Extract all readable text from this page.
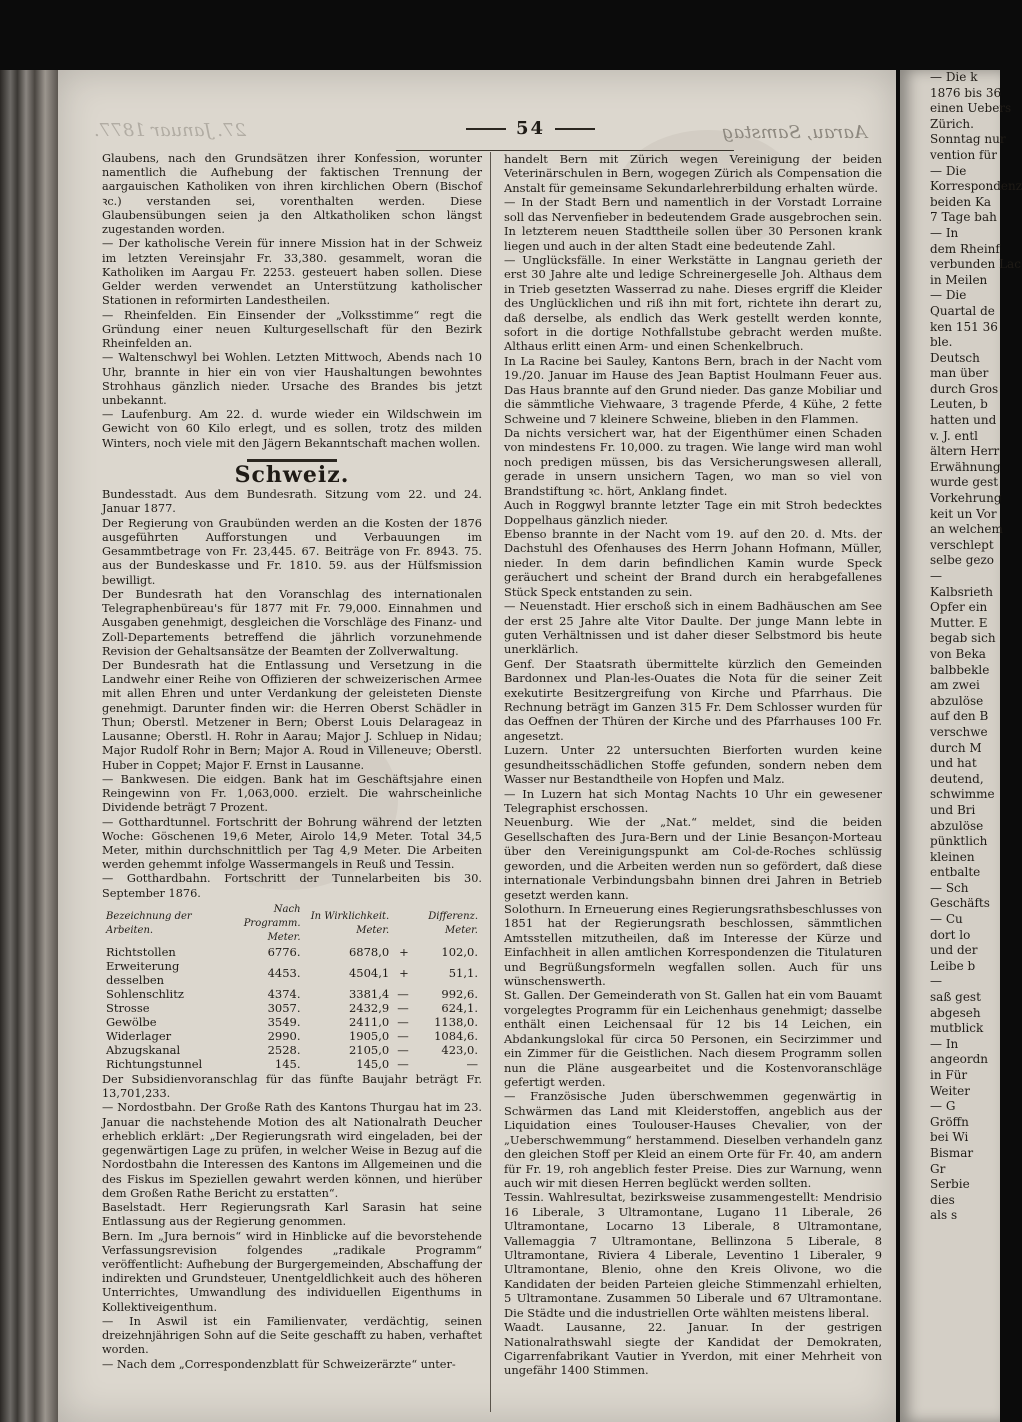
27. Januar 1877.	54	Aarau, Samstag

Glaubens, nach den Grundsätzen ihrer Konfession, worunter namentlich die Aufhebung der faktischen Trennung der aargauischen Katholiken von ihren kirchlichen Obern (Bischof ꝛc.) verstanden sei, vorenthalten werden. Diese Glaubensübungen seien ja den Altkatholiken schon längst zugestanden worden.

— Der katholische Verein für innere Mission hat in der Schweiz im letzten Vereinsjahr Fr. 33,380. gesammelt, woran die Katholiken im Aargau Fr. 2253. gesteuert haben sollen. Diese Gelder werden verwendet an Unterstützung katholischer Stationen in reformirten Landestheilen.

— Rheinfelden. Ein Einsender der „Volksstimme“ regt die Gründung einer neuen Kulturgesellschaft für den Bezirk Rheinfelden an.

— Waltenschwyl bei Wohlen. Letzten Mittwoch, Abends nach 10 Uhr, brannte in hier ein von vier Haushaltungen bewohntes Strohhaus gänzlich nieder. Ursache des Brandes bis jetzt unbekannt.

— Laufenburg. Am 22. d. wurde wieder ein Wildschwein im Gewicht von 60 Kilo erlegt, und es sollen, trotz des milden Winters, noch viele mit den Jägern Bekanntschaft machen wollen.

Schweiz.

Bundesstadt. Aus dem Bundesrath. Sitzung vom 22. und 24. Januar 1877.

Der Regierung von Graubünden werden an die Kosten der 1876 ausgeführten Aufforstungen und Verbauungen im Gesammtbetrage von Fr. 23,445. 67. Beiträge von Fr. 8943. 75. aus der Bundeskasse und Fr. 1810. 59. aus der Hülfsmission bewilligt.

Der Bundesrath hat den Voranschlag des internationalen Telegraphenbüreau's für 1877 mit Fr. 79,000. Einnahmen und Ausgaben genehmigt, desgleichen die Vorschläge des Finanz- und Zoll-Departements betreffend die jährlich vorzunehmende Revision der Gehaltsansätze der Beamten der Zollverwaltung.

Der Bundesrath hat die Entlassung und Versetzung in die Landwehr einer Reihe von Offizieren der schweizerischen Armee mit allen Ehren und unter Verdankung der geleisteten Dienste genehmigt. Darunter finden wir: die Herren Oberst Schädler in Thun; Oberstl. Metzener in Bern; Oberst Louis Delarageaz in Lausanne; Oberstl. H. Rohr in Aarau; Major J. Schluep in Nidau; Major Rudolf Rohr in Bern; Major A. Roud in Villeneuve; Oberstl. Huber in Coppet; Major F. Ernst in Lausanne.

— Bankwesen. Die eidgen. Bank hat im Geschäftsjahre einen Reingewinn von Fr. 1,063,000. erzielt. Die wahrscheinliche Dividende beträgt 7 Prozent.

— Gotthardtunnel. Fortschritt der Bohrung während der letzten Woche: Göschenen 19,6 Meter, Airolo 14,9 Meter. Total 34,5 Meter, mithin durchschnittlich per Tag 4,9 Meter. Die Arbeiten werden gehemmt infolge Wassermangels in Reuß und Tessin.

— Gotthardbahn. Fortschritt der Tunnelarbeiten bis 30. September 1876.

Bezeichnung der Arbeiten.	Nach Programm. Meter.	In Wirklichkeit. Meter.		Differenz. Meter.
Richtstollen	6776.	6878,0	+	102,0.
Erweiterung desselben	4453.	4504,1	+	51,1.
Sohlenschlitz	4374.	3381,4	—	992,6.
Strosse	3057.	2432,9	—	624,1.
Gewölbe	3549.	2411,0	—	1138,0.
Widerlager	2990.	1905,0	—	1084,6.
Abzugskanal	2528.	2105,0	—	423,0.
Richtungstunnel	145.	145,0	—	—

Der Subsidienvoranschlag für das fünfte Baujahr beträgt Fr. 13,701,233.

— Nordostbahn. Der Große Rath des Kantons Thurgau hat im 23. Januar die nachstehende Motion des alt Nationalrath Deucher erheblich erklärt: „Der Regierungsrath wird eingeladen, bei der gegenwärtigen Lage zu prüfen, in welcher Weise in Bezug auf die Nordostbahn die Interessen des Kantons im Allgemeinen und die des Fiskus im Speziellen gewahrt werden können, und hierüber dem Großen Rathe Bericht zu erstatten“.

Baselstadt. Herr Regierungsrath Karl Sarasin hat seine Entlassung aus der Regierung genommen.

Bern. Im „Jura bernois“ wird in Hinblicke auf die bevorstehende Verfassungsrevision folgendes „radikale Programm“ veröffentlicht: Aufhebung der Burgergemeinden, Abschaffung der indirekten und Grundsteuer, Unentgeldlichkeit auch des höheren Unterrichtes, Umwandlung des individuellen Eigenthums in Kollektiveigenthum.

— In Aswil ist ein Familienvater, verdächtig, seinen dreizehnjährigen Sohn auf die Seite geschafft zu haben, verhaftet worden.

— Nach dem „Correspondenzblatt für Schweizerärzte“ unter-

handelt Bern mit Zürich wegen Vereinigung der beiden Veterinärschulen in Bern, wogegen Zürich als Compensation die Anstalt für gemeinsame Sekundarlehrerbildung erhalten würde.

— In der Stadt Bern und namentlich in der Vorstadt Lorraine soll das Nervenfieber in bedeutendem Grade ausgebrochen sein. In letzterem neuen Stadttheile sollen über 30 Personen krank liegen und auch in der alten Stadt eine bedeutende Zahl.

— Unglücksfälle. In einer Werkstätte in Langnau gerieth der erst 30 Jahre alte und ledige Schreinergeselle Joh. Althaus dem in Trieb gesetzten Wasserrad zu nahe. Dieses ergriff die Kleider des Unglücklichen und riß ihn mit fort, richtete ihn derart zu, daß derselbe, als endlich das Werk gestellt werden konnte, sofort in die dortige Nothfallstube gebracht werden mußte. Althaus erlitt einen Arm- und einen Schenkelbruch.

In La Racine bei Sauley, Kantons Bern, brach in der Nacht vom 19./20. Januar im Hause des Jean Baptist Houlmann Feuer aus. Das Haus brannte auf den Grund nieder. Das ganze Mobiliar und die sämmtliche Viehwaare, 3 tragende Pferde, 4 Kühe, 2 fette Schweine und 7 kleinere Schweine, blieben in den Flammen.

Da nichts versichert war, hat der Eigenthümer einen Schaden von mindestens Fr. 10,000. zu tragen. Wie lange wird man wohl noch predigen müssen, bis das Versicherungswesen allerall, gerade in unsern unsichern Tagen, wo man so viel von Brandstiftung ꝛc. hört, Anklang findet.

Auch in Roggwyl brannte letzter Tage ein mit Stroh bedecktes Doppelhaus gänzlich nieder.

Ebenso brannte in der Nacht vom 19. auf den 20. d. Mts. der Dachstuhl des Ofenhauses des Herrn Johann Hofmann, Müller, nieder. In dem darin befindlichen Kamin wurde Speck geräuchert und scheint der Brand durch ein herabgefallenes Stück Speck entstanden zu sein.

— Neuenstadt. Hier erschoß sich in einem Badhäuschen am See der erst 25 Jahre alte Vitor Daulte. Der junge Mann lebte in guten Verhältnissen und ist daher dieser Selbstmord bis heute unerklärlich.

Genf. Der Staatsrath übermittelte kürzlich den Gemeinden Bardonnex und Plan-les-Ouates die Nota für die seiner Zeit exekutirte Besitzergreifung von Kirche und Pfarrhaus. Die Rechnung beträgt im Ganzen 315 Fr. Dem Schlosser wurden für das Oeffnen der Thüren der Kirche und des Pfarrhauses 100 Fr. angesetzt.

Luzern. Unter 22 untersuchten Bierforten wurden keine gesundheitsschädlichen Stoffe gefunden, sondern neben dem Wasser nur Bestandtheile von Hopfen und Malz.

— In Luzern hat sich Montag Nachts 10 Uhr ein gewesener Telegraphist erschossen.

Neuenburg. Wie der „Nat.“ meldet, sind die beiden Gesellschaften des Jura-Bern und der Linie Besançon-Morteau über den Vereinigungspunkt am Col-de-Roches schlüssig geworden, und die Arbeiten werden nun so gefördert, daß diese internationale Verbindungsbahn binnen drei Jahren in Betrieb gesetzt werden kann.

Solothurn. In Erneuerung eines Regierungsrathsbeschlusses von 1851 hat der Regierungsrath beschlossen, sämmtlichen Amtsstellen mitzutheilen, daß im Interesse der Kürze und Einfachheit in allen amtlichen Korrespondenzen die Titulaturen und Begrüßungsformeln wegfallen sollen. Auch für uns wünschenswerth.

St. Gallen. Der Gemeinderath von St. Gallen hat ein vom Bauamt vorgelegtes Programm für ein Leichenhaus genehmigt; dasselbe enthält einen Leichensaal für 12 bis 14 Leichen, ein Abdankungslokal für circa 50 Personen, ein Secirzimmer und ein Zimmer für die Geistlichen. Nach diesem Programm sollen nun die Pläne ausgearbeitet und die Kostenvoranschläge gefertigt werden.

— Französische Juden überschwemmen gegenwärtig in Schwärmen das Land mit Kleiderstoffen, angeblich aus der Liquidation eines Toulouser-Hauses Chevalier, von der „Ueberschwemmung“ herstammend. Dieselben verhandeln ganz den gleichen Stoff per Kleid an einem Orte für Fr. 40, am andern für Fr. 19, roh angeblich fester Preise. Dies zur Warnung, wenn auch wir mit diesen Herren beglückt werden sollten.

Tessin. Wahlresultat, bezirksweise zusammengestellt: Mendrisio 16 Liberale, 3 Ultramontane, Lugano 11 Liberale, 26 Ultramontane, Locarno 13 Liberale, 8 Ultramontane, Vallemaggia 7 Ultramontane, Bellinzona 5 Liberale, 8 Ultramontane, Riviera 4 Liberale, Leventino 1 Liberaler, 9 Ultramontane, Blenio, ohne den Kreis Olivone, wo die Kandidaten der beiden Parteien gleiche Stimmenzahl erhielten, 5 Ultramontane. Zusammen 50 Liberale und 67 Ultramontane. Die Städte und die industriellen Orte wählten meistens liberal.

Waadt. Lausanne, 22. Januar. In der gestrigen Nationalrathswahl siegte der Kandidat der Demokraten, Cigarrenfabrikant Vautier in Yverdon, mit einer Mehrheit von ungefähr 1400 Stimmen.

— Die k
1876 bis 36
einen Uebers
Zürich.
Sonntag nur
vention für
— Die
Korrespondenz
beiden Ka
7 Tage bah
— In
dem Rheinf
verbunden Lac
in Meilen
— Die
Quartal de
ken 151 36
ble.
Deutsch
man über
durch Gros
Leuten, b
hatten und
v. J. entl
ältern Herr
Erwähnung
wurde gest
Vorkehrung
keit un Vor
an welchem
verschlept
selbe gezo
—
Kalbsrieth
Opfer ein
Mutter. E
begab sich
von Beka
balbbekle
am zwei
abzulöse
auf den B
verschwe
durch M
und hat
deutend,
schwimme
und Bri
abzulöse
pünktlich
kleinen
entbalte
— Sch
Geschäfts
— Cu
dort lo
und der
Leibe b
—
saß gest
abgeseh
mutblick
— In
angeordn
in Für
Weiter
— G
Gröffn
bei Wi
Bismar
Gr
Serbie
dies
als s
